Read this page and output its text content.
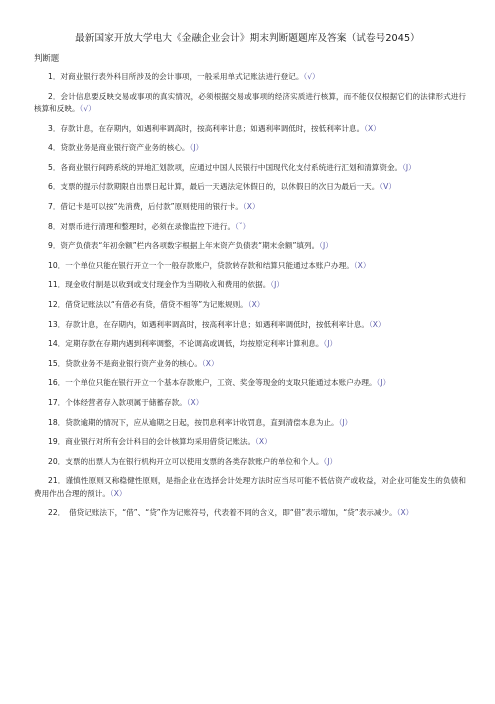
最新国家开放大学电大《金融企业会计》期末判断题题库及答案（试卷号2045）
判断题
1．对商业银行表外科目所涉及的会计事项，一般采用单式记账法进行登记。（√）
2．会计信息要反映交易或事项的真实情况，必须根据交易或事项的经济实质进行核算，而不能仅仅根据它们的法律形式进行核算和反映。（√）
3．存款计息，在存期内，如遇利率调高时，按高利率计息；如遇利率调低时，按低利率计息。（X）
4．贷款业务是商业银行资产业务的核心。（J）
5．各商业银行间跨系统的异地汇划款项，应通过中国人民银行中国现代化支付系统进行汇划和清算资金。（J）
6．支票的提示付款期限自出票日起计算，最后一天遇法定休假日的，以休假日的次日为最后一天。（V）
7．借记卡是可以按“先消费，后付款”原则使用的银行卡。（X）
8．对票币进行清理和整理时，必须在录像监控下进行。（˘）
9．资产负债表“年初余额”栏内各项数字根据上年末资产负债表“期末余额”填列。（J）
10．一个单位只能在银行开立一个一般存款账户，贷款转存款和结算只能通过本账户办理。（X）
11．现金收付制是以收到或支付现金作为当期收入和费用的依据。（J）
12．借贷记账法以“有借必有贷，借贷不相等”为记账规则。（X）
13．存款计息，在存期内，如遇利率调高时，按高利率计息；如遇利率调低时，按低利率计息。（X）
14．定期存款在存期内遇到利率调整，不论调高或调低，均按原定利率计算利息。（J）
15．贷款业务不是商业银行资产业务的核心。（X）
16．一个单位只能在银行开立一个基本存款账户，工资、奖金等现金的支取只能通过本账户办理。（J）
17．个体经营者存入款项属于储蓄存款。（X）
18．贷款逾期的情况下，应从逾期之日起，按罚息利率计收罚息，直到清偿本息为止。（J）
19．商业银行对所有会计科目的会计核算均采用借贷记账法。（X）
20．支票的出票人为在银行机构开立可以使用支票的各类存款账户的单位和个人。（J）
21．谨慎性原则又称稳健性原则，是指企业在选择会计处理方法时应当尽可能不低估资产或收益，对企业可能发生的负债和费用作出合理的预计。（X）
22．　借贷记账法下，“借”、“贷”作为记账符号，代表着不同的含义，即“借”表示增加，“贷”表示减少。（X）
